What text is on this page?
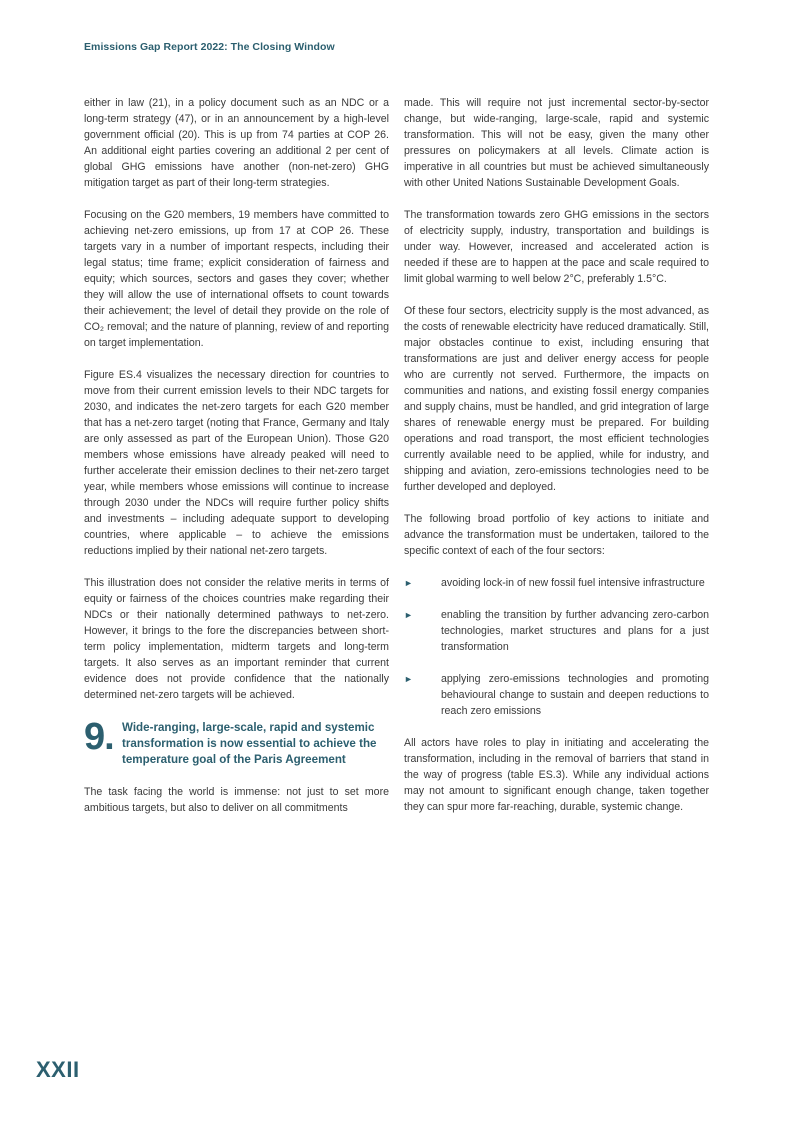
Emissions Gap Report 2022: The Closing Window

either in law (21), in a policy document such as an NDC or a long-term strategy (47), or in an announcement by a high-level government official (20). This is up from 74 parties at COP 26. An additional eight parties covering an additional 2 per cent of global GHG emissions have another (non-net-zero) GHG mitigation target as part of their long-term strategies.

Focusing on the G20 members, 19 members have committed to achieving net-zero emissions, up from 17 at COP 26. These targets vary in a number of important respects, including their legal status; time frame; explicit consideration of fairness and equity; which sources, sectors and gases they cover; whether they will allow the use of international offsets to count towards their achievement; the level of detail they provide on the role of CO₂ removal; and the nature of planning, review of and reporting on target implementation.

Figure ES.4 visualizes the necessary direction for countries to move from their current emission levels to their NDC targets for 2030, and indicates the net-zero targets for each G20 member that has a net-zero target (noting that France, Germany and Italy are only assessed as part of the European Union). Those G20 members whose emissions have already peaked will need to further accelerate their emission declines to their net-zero target year, while members whose emissions will continue to increase through 2030 under the NDCs will require further policy shifts and investments – including adequate support to developing countries, where applicable – to achieve the emissions reductions implied by their national net-zero targets.

This illustration does not consider the relative merits in terms of equity or fairness of the choices countries make regarding their NDCs or their nationally determined pathways to net-zero. However, it brings to the fore the discrepancies between short-term policy implementation, midterm targets and long-term targets. It also serves as an important reminder that current evidence does not provide confidence that the nationally determined net-zero targets will be achieved.

9. Wide-ranging, large-scale, rapid and systemic transformation is now essential to achieve the temperature goal of the Paris Agreement

The task facing the world is immense: not just to set more ambitious targets, but also to deliver on all commitments

made. This will require not just incremental sector-by-sector change, but wide-ranging, large-scale, rapid and systemic transformation. This will not be easy, given the many other pressures on policymakers at all levels. Climate action is imperative in all countries but must be achieved simultaneously with other United Nations Sustainable Development Goals.

The transformation towards zero GHG emissions in the sectors of electricity supply, industry, transportation and buildings is under way. However, increased and accelerated action is needed if these are to happen at the pace and scale required to limit global warming to well below 2°C, preferably 1.5°C.

Of these four sectors, electricity supply is the most advanced, as the costs of renewable electricity have reduced dramatically. Still, major obstacles continue to exist, including ensuring that transformations are just and deliver energy access for people who are currently not served. Furthermore, the impacts on communities and nations, and existing fossil energy companies and supply chains, must be handled, and grid integration of large shares of renewable energy must be prepared. For building operations and road transport, the most efficient technologies currently available need to be applied, while for industry, and shipping and aviation, zero-emissions technologies need to be further developed and deployed.

The following broad portfolio of key actions to initiate and advance the transformation must be undertaken, tailored to the specific context of each of the four sectors:

►	avoiding lock-in of new fossil fuel intensive infrastructure
►	enabling the transition by further advancing zero-carbon technologies, market structures and plans for a just transformation
►	applying zero-emissions technologies and promoting behavioural change to sustain and deepen reductions to reach zero emissions

All actors have roles to play in initiating and accelerating the transformation, including in the removal of barriers that stand in the way of progress (table ES.3). While any individual actions may not amount to significant enough change, taken together they can spur more far-reaching, durable, systemic change.

XXII
